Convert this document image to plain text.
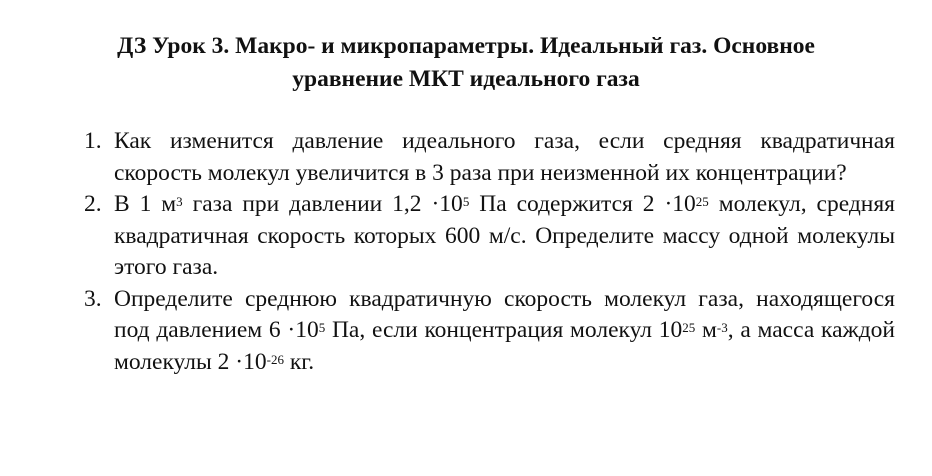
ДЗ Урок 3. Макро- и микропараметры. Идеальный газ. Основное
уравнение МКТ идеального газа
1. Как изменится давление идеального газа, если средняя квадратичная скорость молекул увеличится в 3 раза при неизменной их концентрации?
2. В 1 $м^3$ газа при давлении $1,2 \cdot 10^5$ Па содержится $2 \cdot 10^{25}$ молекул, средняя квадратичная скорость которых 600 м/с. Определите массу одной молекулы этого газа.
3. Определите среднюю квадратичную скорость молекул газа, находящегося под давлением $6 \cdot 10^5$ Па, если концентрация молекул $10^{25}$ $м^{-3}$, а масса каждой молекулы $2 \cdot 10^{-26}$ кг.
